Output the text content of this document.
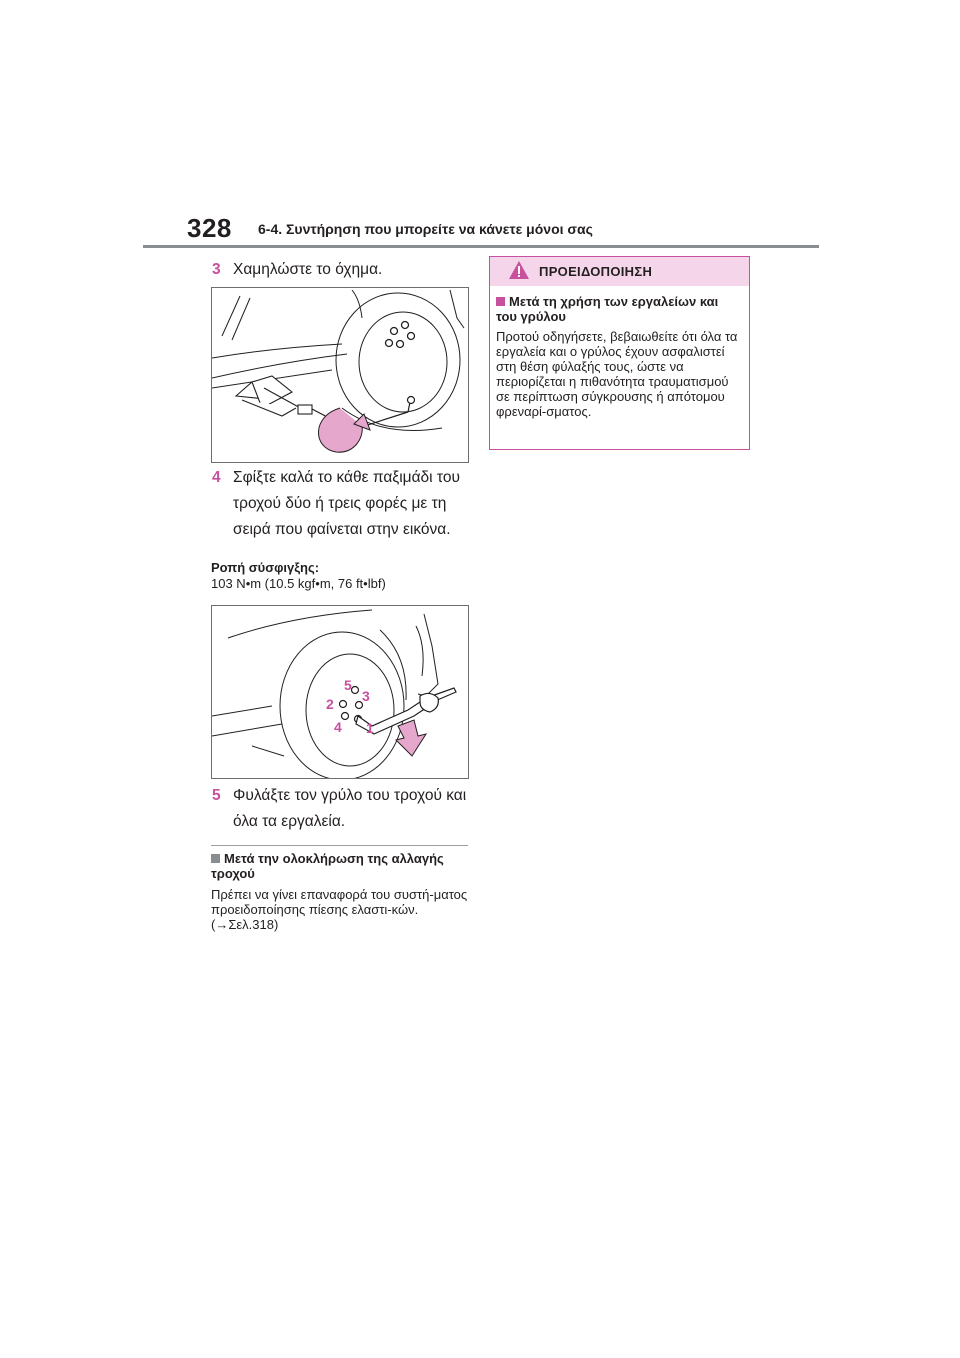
328 6-4. Συντήρηση που μπορείτε να κάνετε μόνοι σας
3 Χαμηλώστε το όχημα.
4 Σφίξτε καλά το κάθε παξιμάδι του τροχού δύο ή τρεις φορές με τη σειρά που φαίνεται στην εικόνα.
Ροπή σύσφιγξης:
103 N•m (10.5 kgf•m, 76 ft•lbf)
1
2 3
4
5
5 Φυλάξτε τον γρύλο του τροχού και όλα τα εργαλεία.
Μετά την ολοκλήρωση της αλλαγής τροχού
Πρέπει να γίνει επαναφορά του συστή-ματος προειδοποίησης πίεσης ελαστι-κών. (→Σελ.318)
ΠΡΟΕΙΔΟΠΟΙΗΣΗ
Μετά τη χρήση των εργαλείων και του γρύλου
Προτού οδηγήσετε, βεβαιωθείτε ότι όλα τα εργαλεία και ο γρύλος έχουν ασφαλιστεί στη θέση φύλαξής τους, ώστε να περιορίζεται η πιθανότητα τραυματισμού σε περίπτωση σύγκρουσης ή απότομου φρεναρί-σματος.
